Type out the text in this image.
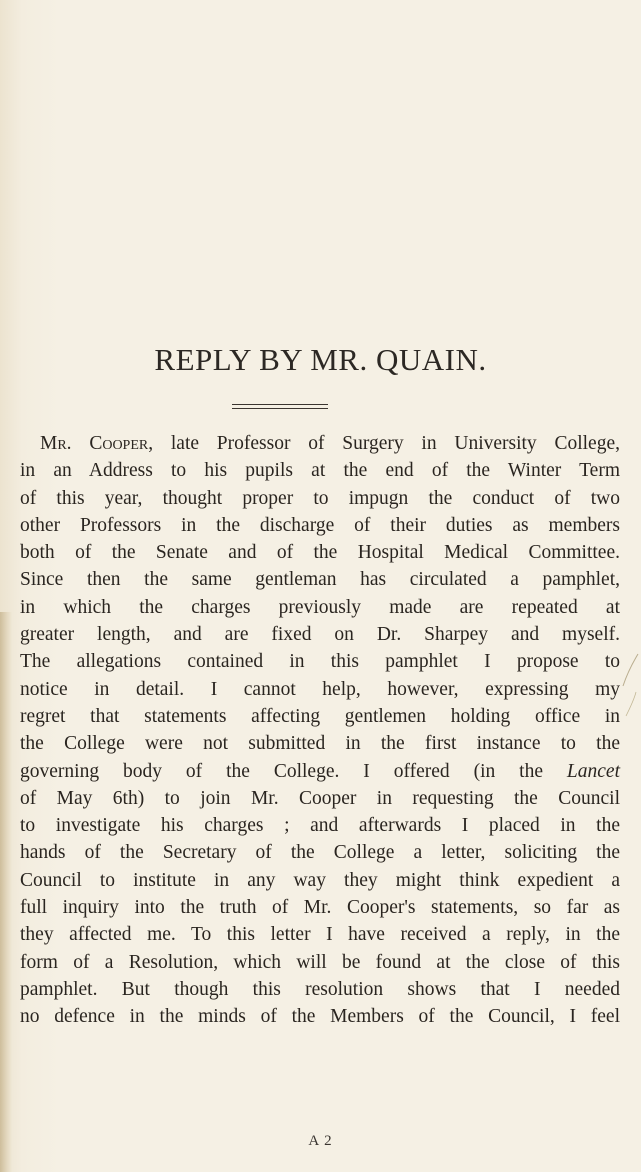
REPLY BY MR. QUAIN.
Mr. Cooper, late Professor of Surgery in University College,
in an Address to his pupils at the end of the Winter Term
of this year, thought proper to impugn the conduct of two
other Professors in the discharge of their duties as members
both of the Senate and of the Hospital Medical Committee.
Since then the same gentleman has circulated a pamphlet,
in which the charges previously made are repeated at
greater length, and are fixed on Dr. Sharpey and myself.
The allegations contained in this pamphlet I propose to
notice in detail. I cannot help, however, expressing my
regret that statements affecting gentlemen holding office in
the College were not submitted in the first instance to the
governing body of the College. I offered (in the Lancet
of May 6th) to join Mr. Cooper in requesting the Council
to investigate his charges ; and afterwards I placed in the
hands of the Secretary of the College a letter, soliciting the
Council to institute in any way they might think expedient a
full inquiry into the truth of Mr. Cooper's statements, so far as
they affected me. To this letter I have received a reply, in the
form of a Resolution, which will be found at the close of this
pamphlet. But though this resolution shows that I needed
no defence in the minds of the Members of the Council, I feel
A 2
